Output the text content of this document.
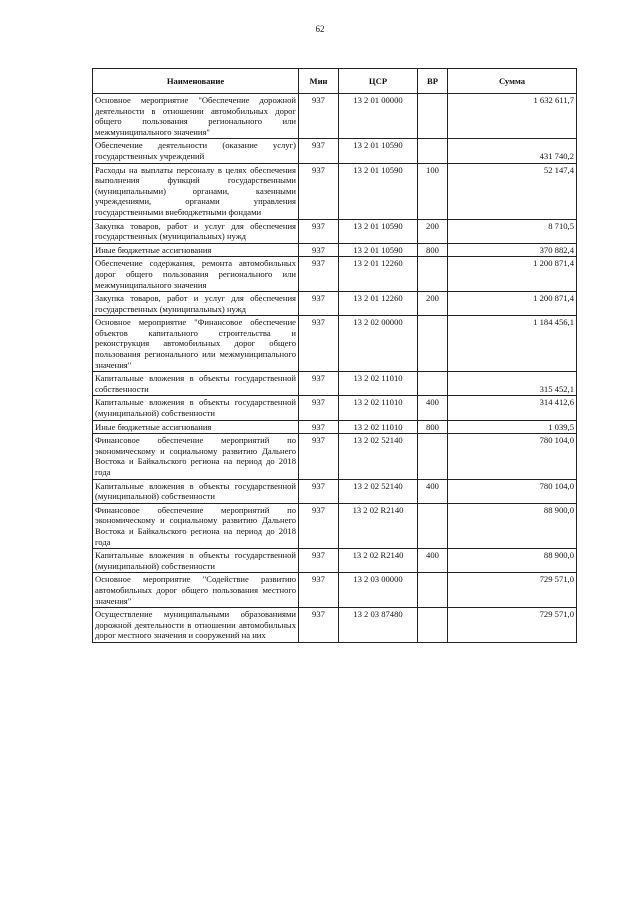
62
Наименование	Мин	ЦСР	ВР	Сумма
Основное мероприятие "Обеспечение дорожной деятельности в отношении автомобильных дорог общего пользования регионального или межмуниципального значения"	937	13 2 01 00000		1 632 611,7
Обеспечение деятельности (оказание услуг) государственных учреждений	937	13 2 01 10590		431 740,2
Расходы на выплаты персоналу в целях обеспечения выполнения функций государственными (муниципальными) органами, казенными учреждениями, органами управления государственными внебюджетными фондами	937	13 2 01 10590	100	52 147,4
Закупка товаров, работ и услуг для обеспечения государственных (муниципальных) нужд	937	13 2 01 10590	200	8 710,5
Иные бюджетные ассигнования	937	13 2 01 10590	800	370 882,4
Обеспечение содержания, ремонта автомобильных дорог общего пользования регионального или межмуниципального значения	937	13 2 01 12260		1 200 871,4
Закупка товаров, работ и услуг для обеспечения государственных (муниципальных) нужд	937	13 2 01 12260	200	1 200 871,4
Основное мероприятие "Финансовое обеспечение объектов капитального строительства и реконструкция автомобильных дорог общего пользования регионального или межмуниципального значения"	937	13 2 02 00000		1 184 456,1
Капитальные вложения в объекты государственной собственности	937	13 2 02 11010		315 452,1
Капитальные вложения в объекты государственной (муниципальной) собственности	937	13 2 02 11010	400	314 412,6
Иные бюджетные ассигнования	937	13 2 02 11010	800	1 039,5
Финансовое обеспечение мероприятий по экономическому и социальному развитию Дальнего Востока и Байкальского региона на период до 2018 года	937	13 2 02 52140		780 104,0
Капитальные вложения в объекты государственной (муниципальной) собственности	937	13 2 02 52140	400	780 104,0
Финансовое обеспечение мероприятий по экономическому и социальному развитию Дальнего Востока и Байкальского региона на период до 2018 года	937	13 2 02 R2140		88 900,0
Капитальные вложения в объекты государственной (муниципальной) собственности	937	13 2 02 R2140	400	88 900,0
Основное мероприятие "Содействие развитию автомобильных дорог общего пользования местного значения"	937	13 2 03 00000		729 571,0
Осуществление муниципальными образованиями дорожной деятельности в отношении автомобильных дорог местного значения и сооружений на них	937	13 2 03 87480		729 571,0
